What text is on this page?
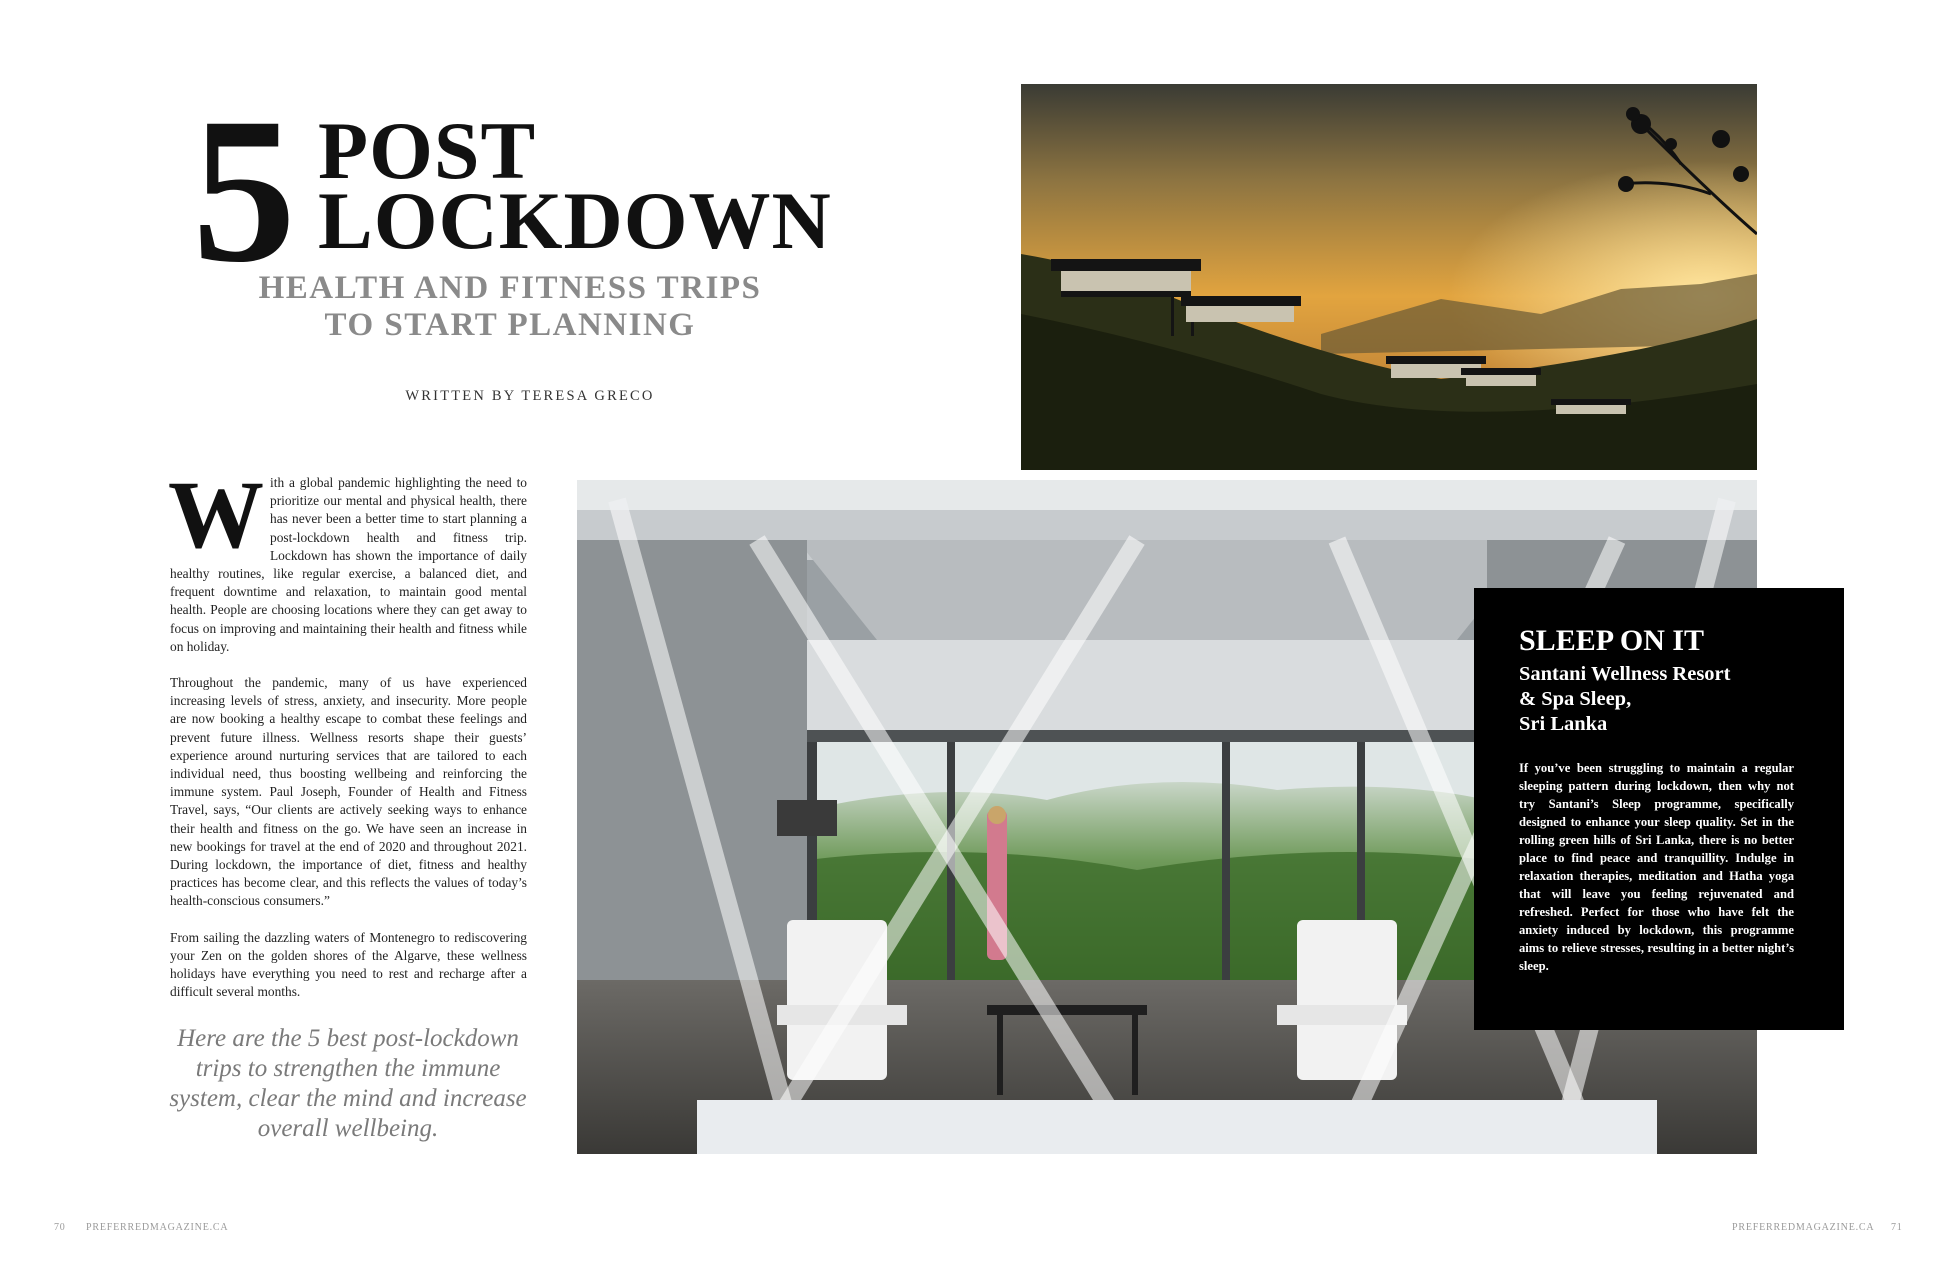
5 POST
LOCKDOWN
HEALTH AND FITNESS TRIPS
TO START PLANNING
WRITTEN BY TERESA GRECO

With a global pandemic highlighting the need to prioritize our mental and physical health, there has never been a better time to start planning a post-lockdown health and fitness trip. Lockdown has shown the importance of daily healthy routines, like regular exercise, a balanced diet, and frequent downtime and relaxation, to maintain good mental health. People are choosing locations where they can get away to focus on improving and maintaining their health and fitness while on holiday.

Throughout the pandemic, many of us have experienced increasing levels of stress, anxiety, and insecurity. More people are now booking a healthy escape to combat these feelings and prevent future illness. Wellness resorts shape their guests’ experience around nurturing services that are tailored to each individual need, thus boosting wellbeing and reinforcing the immune system. Paul Joseph, Founder of Health and Fitness Travel, says, “Our clients are actively seeking ways to enhance their health and fitness on the go. We have seen an increase in new bookings for travel at the end of 2020 and throughout 2021. During lockdown, the importance of diet, fitness and healthy practices has become clear, and this reflects the values of today’s health-conscious consumers.”

From sailing the dazzling waters of Montenegro to rediscovering your Zen on the golden shores of the Algarve, these wellness holidays have everything you need to rest and recharge after a difficult several months.

Here are the 5 best post-lockdown trips to strengthen the immune system, clear the mind and increase overall wellbeing.
SLEEP ON IT
Santani Wellness Resort
& Spa Sleep,
Sri Lanka
If you’ve been struggling to maintain a regular sleeping pattern during lockdown, then why not try Santani’s Sleep programme, specifically designed to enhance your sleep quality. Set in the rolling green hills of Sri Lanka, there is no better place to find peace and tranquillity. Indulge in relaxation therapies, meditation and Hatha yoga that will leave you feeling rejuvenated and refreshed. Perfect for those who have felt the anxiety induced by lockdown, this programme aims to relieve stresses, resulting in a better night’s sleep.
70 PREFERREDMAGAZINE.CA	PREFERREDMAGAZINE.CA 71
